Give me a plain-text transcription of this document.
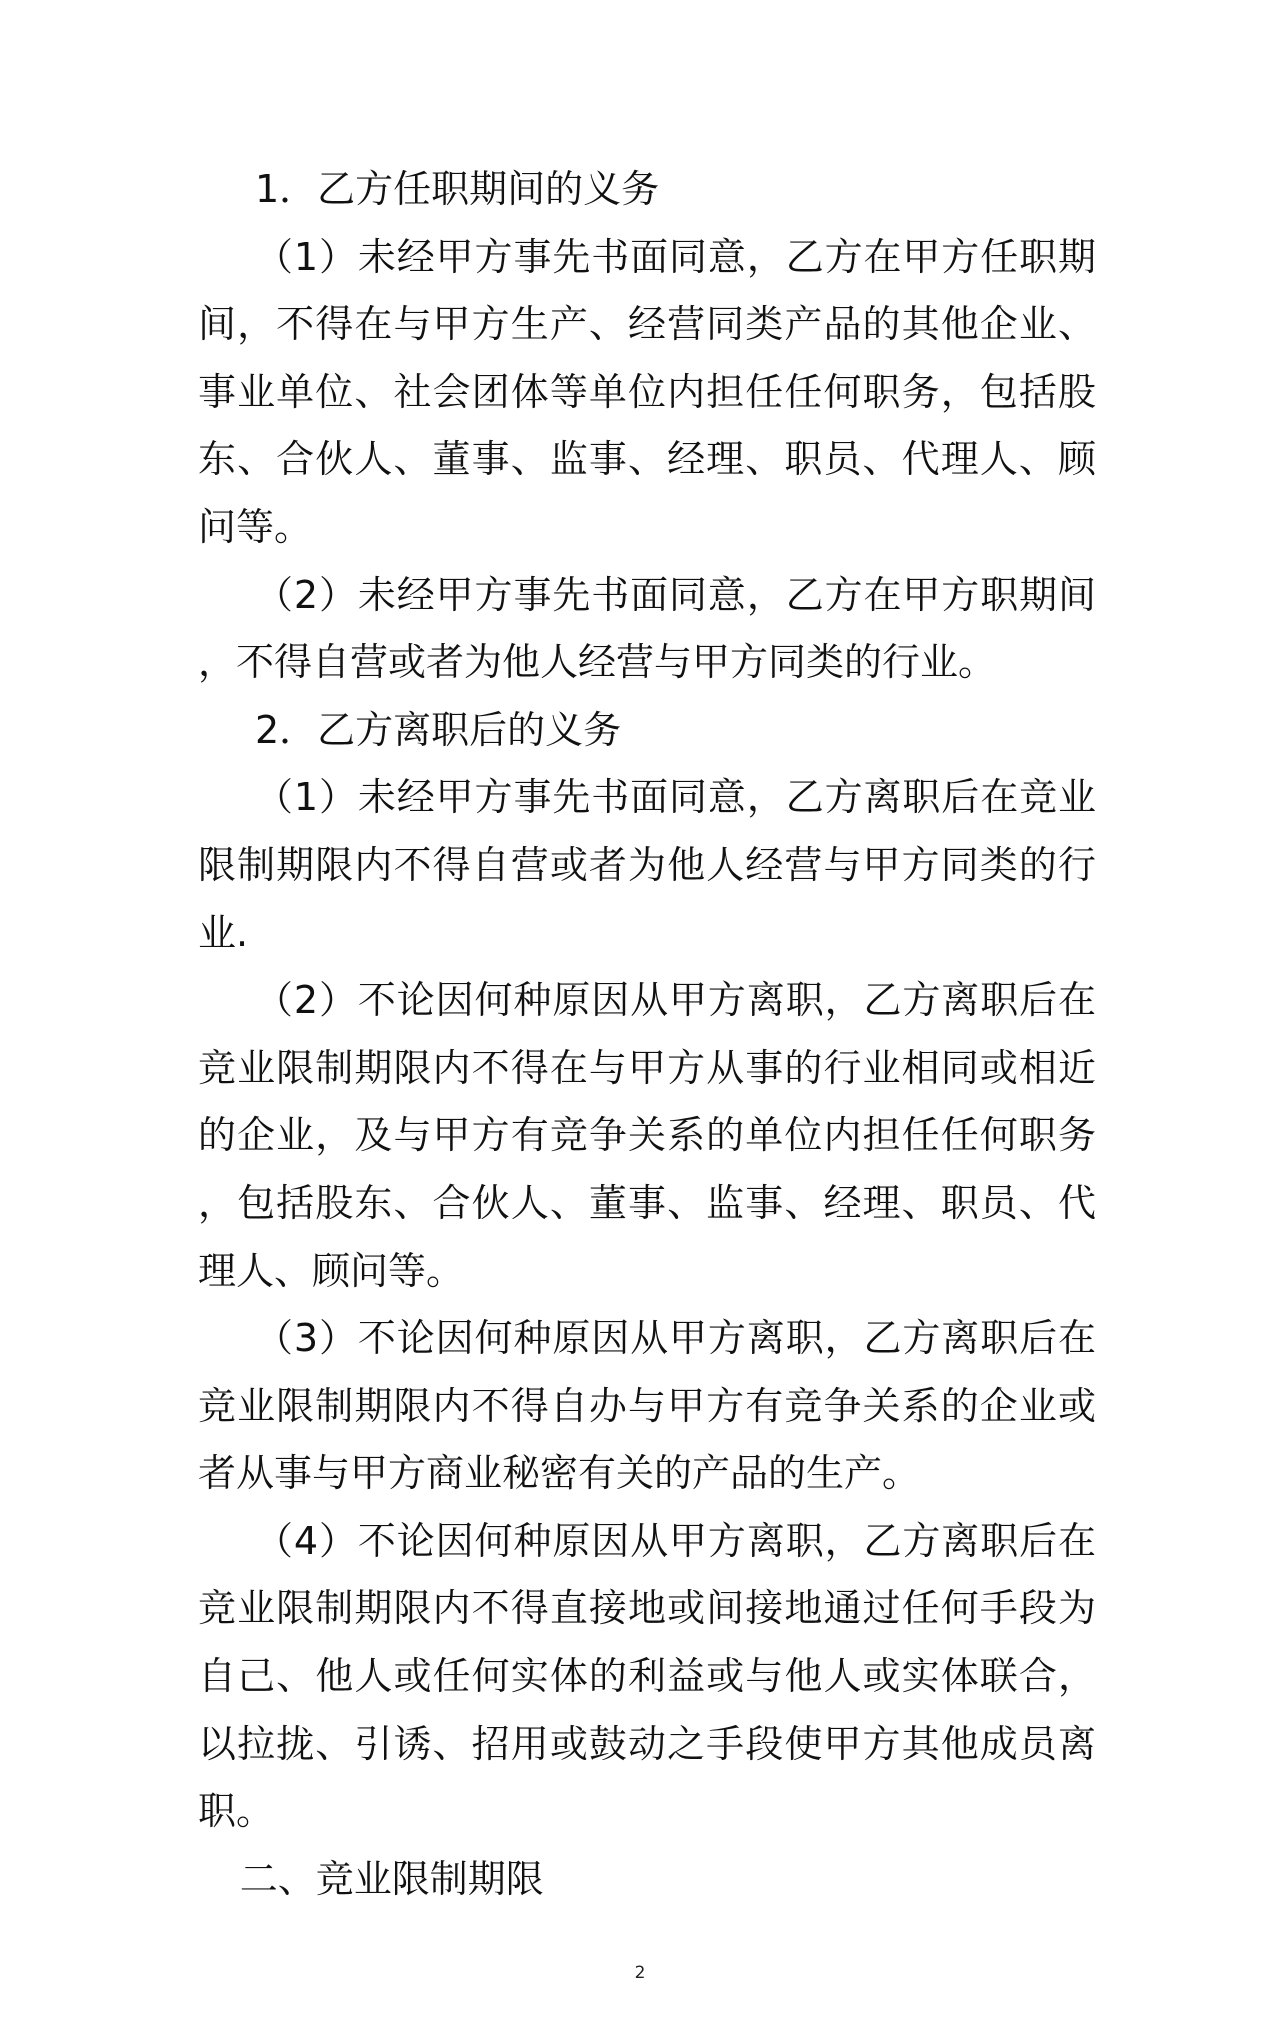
1．乙方任职期间的义务

（1）未经甲方事先书面同意，乙方在甲方任职期间，不得在与甲方生产、经营同类产品的其他企业、事业单位、社会团体等单位内担任任何职务，包括股东、合伙人、董事、监事、经理、职员、代理人、顾问等。

（2）未经甲方事先书面同意，乙方在甲方职期间，不得自营或者为他人经营与甲方同类的行业。

2．乙方离职后的义务

（1）未经甲方事先书面同意，乙方离职后在竞业限制期限内不得自营或者为他人经营与甲方同类的行业.

（2）不论因何种原因从甲方离职，乙方离职后在竞业限制期限内不得在与甲方从事的行业相同或相近的企业，及与甲方有竞争关系的单位内担任任何职务，包括股东、合伙人、董事、监事、经理、职员、代理人、顾问等。

（3）不论因何种原因从甲方离职，乙方离职后在竞业限制期限内不得自办与甲方有竞争关系的企业或者从事与甲方商业秘密有关的产品的生产。

（4）不论因何种原因从甲方离职，乙方离职后在竞业限制期限内不得直接地或间接地通过任何手段为自己、他人或任何实体的利益或与他人或实体联合，以拉拢、引诱、招用或鼓动之手段使甲方其他成员离职。

二、竞业限制期限

2
